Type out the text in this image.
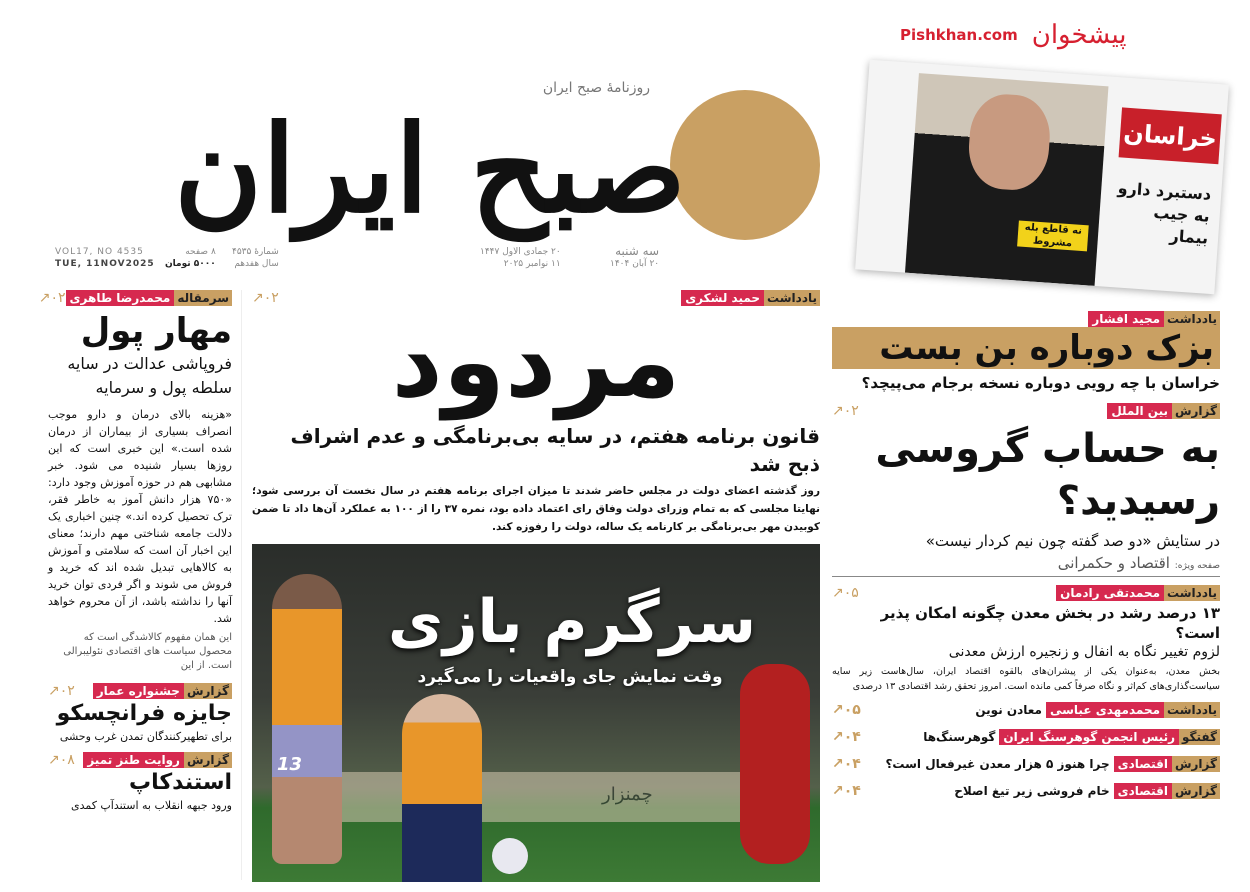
روزنامهٔ صبح ایران
صبح ایران
VOL17, NO 4535
TUE, 11NOV2025
۸ صفحه
۵۰۰۰ تومان
شمارهٔ ۴۵۳۵
سال هفدهم
۲۰ جمادی الاول ۱۴۴۷
۱۱ نوامبر ۲۰۲۵
سه شنبه
۲۰ آبان ۱۴۰۴
Pishkhan.com پیشخوان
سرمقاله
محمدرضا طاهری
↗۰۲
مهار پول
فروپاشی عدالت در سایه سلطه پول و سرمایه
«هزینه بالای درمان و دارو موجب انصراف بسیاری از بیماران از درمان شده است.» این خبری است که این روزها بسیار شنیده می شود. خبر مشابهی هم در حوزه آموزش وجود دارد: «۷۵۰ هزار دانش آموز به خاطر فقر، ترک تحصیل کرده اند.» چنین اخباری یک دلالت جامعه شناختی مهم دارند؛ معنای این اخبار آن است که سلامتی و آموزش به کالاهایی تبدیل شده اند که خرید و فروش می شوند و اگر فردی توان خرید آنها را نداشته باشد، از آن محروم خواهد شد.
این همان مفهوم کالاشدگی است که محصول سیاست های اقتصادی نئولیبرالی است. از این
گزارش
جشنواره عمار
↗۰۲
جایزه فرانچسکو
برای تطهیرکنندگان تمدن غرب وحشی
گزارش
روایت طنز تمیز
↗۰۸
استندکاپ
ورود جبهه انقلاب به استندآپ کمدی
یادداشت
حمید لشکری
↗۰۲
مردود
قانون برنامه هفتم، در سایه بی‌برنامگی و عدم اشراف ذبح شد
روز گذشته اعضای دولت در مجلس حاضر شدند تا میزان اجرای برنامه هفتم در سال نخست آن بررسی شود؛ نهایتا مجلسی که به تمام وزرای دولت وفاق رای اعتماد داده بود، نمره ۳۷ را از ۱۰۰ به عملکرد آن‌ها داد تا ضمن کوبیدن مهر بی‌برنامگی بر کارنامه یک ساله، دولت را رفوزه کند.
چمنزار
13
سرگرم بازی
وقت نمایش جای واقعیات را می‌گیرد
خراسان
دستبرد دارو به جیب بیمار
نه قاطع بله مشروط
یادداشت
مجید افشار
بزک دوباره بن بست
خراسان با چه رویی دوباره نسخه برجام می‌پیچد؟
گزارش
بین الملل
↗۰۲
به حساب گروسی رسیدید؟
در ستایش «دو صد گفته چون نیم کردار نیست»
صفحه ویژه: اقتصاد و حکمرانی
یادداشت
محمدتقی رادمان
↗۰۵
۱۳ درصد رشد در بخش معدن چگونه امکان پذیر است؟
لزوم تغییر نگاه به انفال و زنجیره ارزش معدنی
بخش معدن، به‌عنوان یکی از پیشران‌های بالقوه اقتصاد ایران، سال‌هاست زیر سایه سیاست‌گذاری‌های کم‌اثر و نگاه صرفاً کمی مانده است. امروز تحقق رشد اقتصادی ۱۳ درصدی
یادداشت
محمدمهدی عباسی
معادن نوین
↗۰۵
گفتگو
رئیس انجمن گوهرسنگ ایران
گوهرسنگ‌ها
↗۰۴
گزارش
اقتصادی
چرا هنوز ۵ هزار معدن غیرفعال است؟
↗۰۴
گزارش
اقتصادی
خام فروشی زیر تیغ اصلاح
↗۰۴
